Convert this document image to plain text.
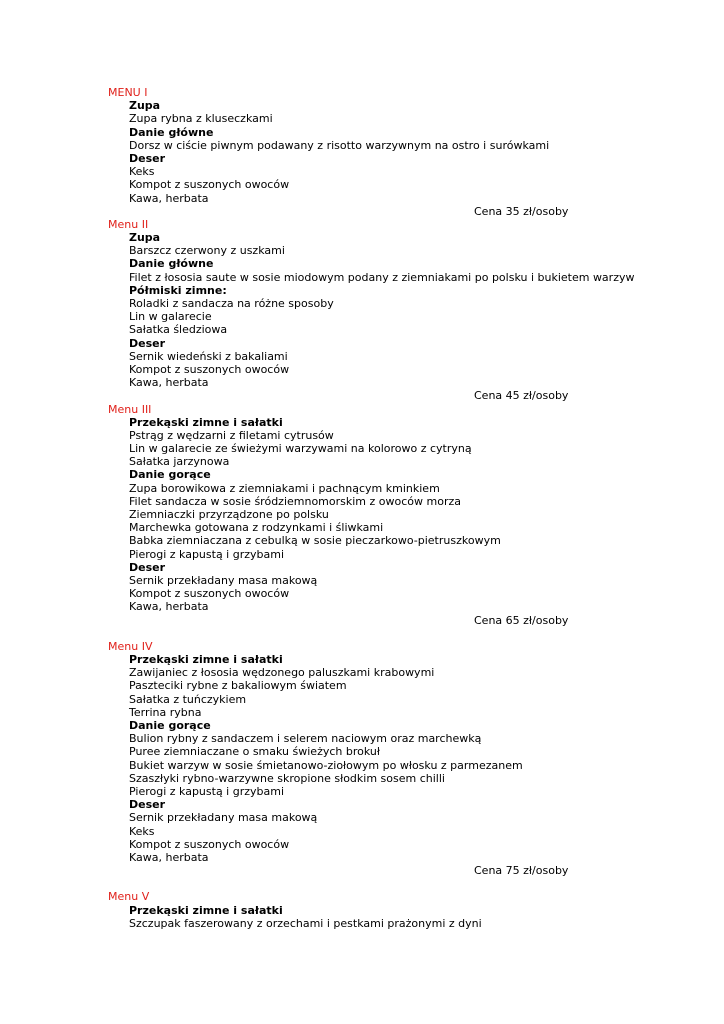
MENU I
Zupa
Zupa rybna z kluseczkami
Danie główne
Dorsz w ciście piwnym podawany z risotto warzywnym na ostro i surówkami
Deser
Keks
Kompot z suszonych owoców
Kawa, herbata
Cena 35 zł/osoby
Menu II
Zupa
Barszcz czerwony z uszkami
Danie główne
Filet z łososia saute w sosie miodowym podany z ziemniakami po polsku i bukietem warzyw
Półmiski zimne:
Roladki z sandacza na różne sposoby
Lin w galarecie
Sałatka śledziowa
Deser
Sernik wiedeński z bakaliami
Kompot z suszonych owoców
Kawa, herbata
Cena 45 zł/osoby
Menu III
Przekąski zimne i sałatki
Pstrąg z wędzarni z filetami cytrusów
Lin w galarecie ze świeżymi warzywami na kolorowo z cytryną
Sałatka jarzynowa
Danie gorące
Zupa borowikowa z ziemniakami i pachnącym kminkiem
Filet sandacza w sosie śródziemnomorskim z owoców morza
Ziemniaczki przyrządzone po polsku
Marchewka gotowana z rodzynkami i śliwkami
Babka ziemniaczana z cebulką w sosie pieczarkowo-pietruszkowym
Pierogi z kapustą i grzybami
Deser
Sernik przekładany masa makową
Kompot z suszonych owoców
Kawa, herbata
Cena 65 zł/osoby
Menu IV
Przekąski zimne i sałatki
Zawijaniec z łososia wędzonego paluszkami krabowymi
Paszteciki rybne z bakaliowym światem
Sałatka z tuńczykiem
Terrina rybna
Danie gorące
Bulion rybny z sandaczem i selerem naciowym oraz marchewką
Puree ziemniaczane o smaku świeżych brokuł
Bukiet warzyw w sosie śmietanowo-ziołowym po włosku z parmezanem
Szaszłyki rybno-warzywne skropione słodkim sosem chilli
Pierogi z kapustą i grzybami
Deser
Sernik przekładany masa makową
Keks
Kompot z suszonych owoców
Kawa, herbata
Cena 75 zł/osoby
Menu V
Przekąski zimne i sałatki
Szczupak faszerowany z orzechami i pestkami prażonymi z dyni
